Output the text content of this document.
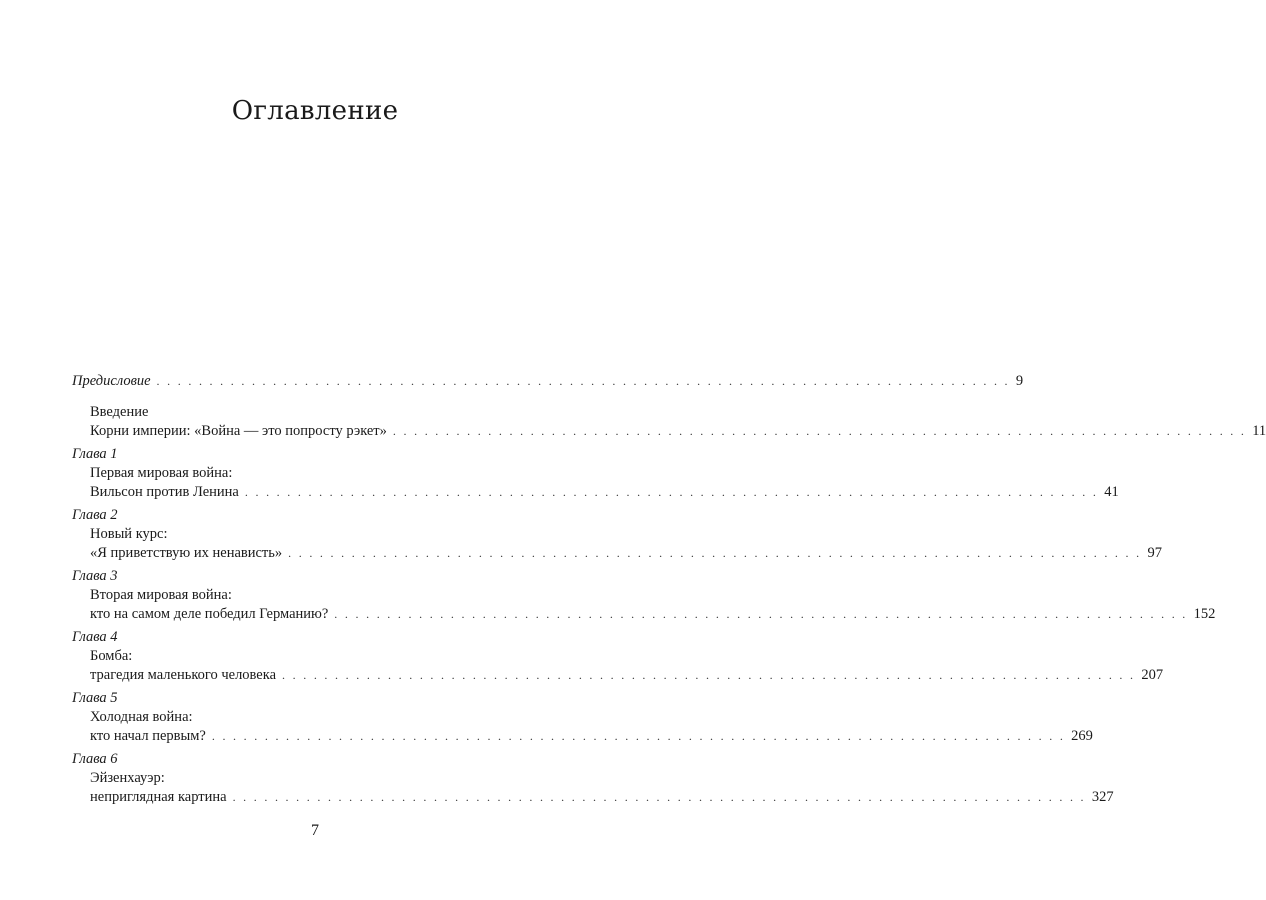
Оглавление
Предисловие . . . . . . . . . . . . . . . . . . . . . . . . . . . . . . . . . . . . . . . . . . . . . . . . . . . . . . . . . . . . . . . . . . . . . . . . . . . . . . . . . 9
Введение
Корни империи: «Война — это попросту рэкет» . . . . . . . . . . . . . . . . . . . . . . . . . . . . . . . . . . . . . . . . . . . . . . . . . . . . . . . . . . . . . . . . . . . . . . . . . . . . . . . . . 11
Глава 1
Первая мировая война:
Вильсон против Ленина . . . . . . . . . . . . . . . . . . . . . . . . . . . . . . . . . . . . . . . . . . . . . . . . . . . . . . . . . . . . . . . . . . . . . . . . . . . . . . . . . 41
Глава 2
Новый курс:
«Я приветствую их ненависть» . . . . . . . . . . . . . . . . . . . . . . . . . . . . . . . . . . . . . . . . . . . . . . . . . . . . . . . . . . . . . . . . . . . . . . . . . . . . . . . . . 97
Глава 3
Вторая мировая война:
кто на самом деле победил Германию? . . . . . . . . . . . . . . . . . . . . . . . . . . . . . . . . . . . . . . . . . . . . . . . . . . . . . . . . . . . . . . . . . . . . . . . . . . . . . . . . . 152
Глава 4
Бомба:
трагедия маленького человека . . . . . . . . . . . . . . . . . . . . . . . . . . . . . . . . . . . . . . . . . . . . . . . . . . . . . . . . . . . . . . . . . . . . . . . . . . . . . . . . . 207
Глава 5
Холодная война:
кто начал первым? . . . . . . . . . . . . . . . . . . . . . . . . . . . . . . . . . . . . . . . . . . . . . . . . . . . . . . . . . . . . . . . . . . . . . . . . . . . . . . . . . 269
Глава 6
Эйзенхауэр:
неприглядная картина . . . . . . . . . . . . . . . . . . . . . . . . . . . . . . . . . . . . . . . . . . . . . . . . . . . . . . . . . . . . . . . . . . . . . . . . . . . . . . . . . 327
7
